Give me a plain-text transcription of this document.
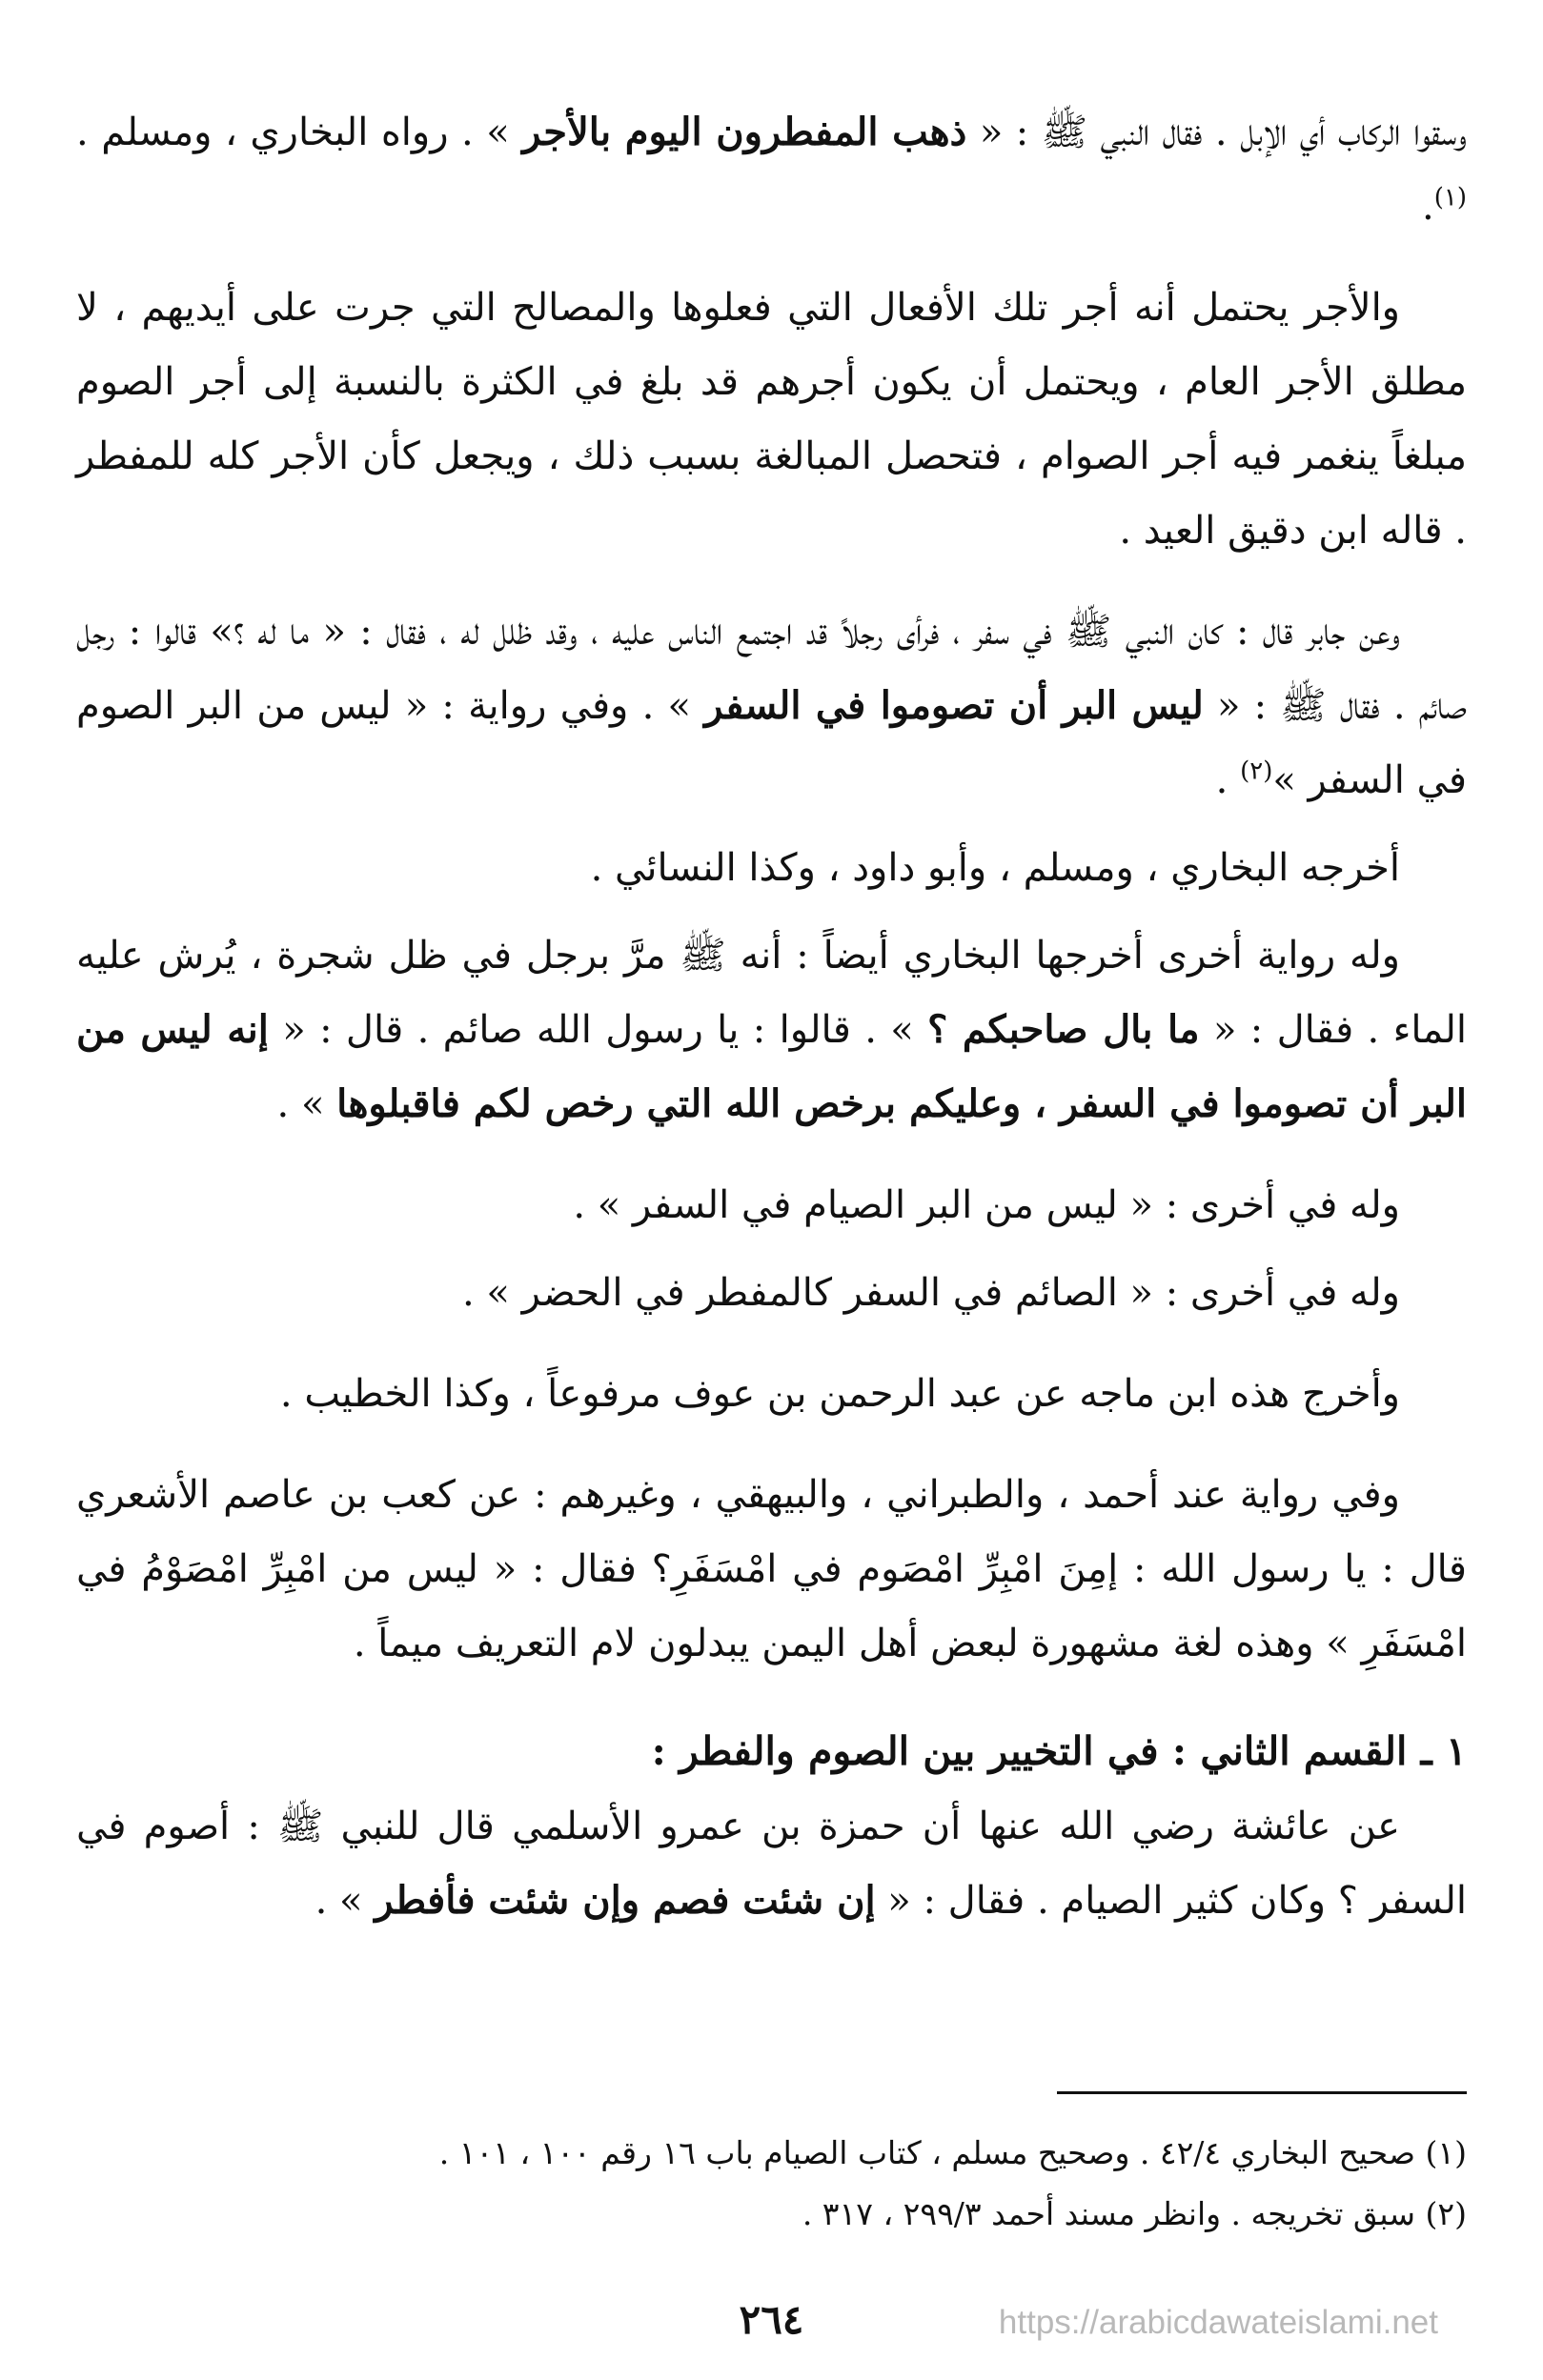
وسقوا الركاب أي الإبل . فقال النبي ﷺ : « ذهب المفطرون اليوم بالأجر » . رواه البخاري ، ومسلم .$^{(١)}$.

والأجر يحتمل أنه أجر تلك الأفعال التي فعلوها والمصالح التي جرت على أيديهم ، لا مطلق الأجر العام ، ويحتمل أن يكون أجرهم قد بلغ في الكثرة بالنسبة إلى أجر الصوم مبلغاً ينغمر فيه أجر الصوام ، فتحصل المبالغة بسبب ذلك ، ويجعل كأن الأجر كله للمفطر . قاله ابن دقيق العيد .

وعن جابر قال : كان النبي ﷺ في سفر ، فرأى رجلاً قد اجتمع الناس عليه ، وقد ظلل له ، فقال : « ما له ؟» قالوا : رجل صائم . فقال ﷺ : « ليس البر أن تصوموا في السفر » . وفي رواية : « ليس من البر الصوم في السفر »$^{(٢)}$ .

أخرجه البخاري ، ومسلم ، وأبو داود ، وكذا النسائي .

وله رواية أخرى أخرجها البخاري أيضاً : أنه ﷺ مرَّ برجل في ظل شجرة ، يُرش عليه الماء . فقال : « ما بال صاحبكم ؟ » . قالوا : يا رسول الله صائم . قال : « إنه ليس من البر أن تصوموا في السفر ، وعليكم برخص الله التي رخص لكم فاقبلوها » .

وله في أخرى : « ليس من البر الصيام في السفر » .

وله في أخرى : « الصائم في السفر كالمفطر في الحضر » .

وأخرج هذه ابن ماجه عن عبد الرحمن بن عوف مرفوعاً ، وكذا الخطيب .

وفي رواية عند أحمد ، والطبراني ، والبيهقي ، وغيرهم : عن كعب بن عاصم الأشعري قال : يا رسول الله : إمِنَ امْبِرِّ امْصَوم في امْسَفَرِ؟ فقال : « ليس من امْبِرِّ امْصَوْمُ في امْسَفَرِ » وهذه لغة مشهورة لبعض أهل اليمن يبدلون لام التعريف ميماً .

١ ـ القسم الثاني : في التخيير بين الصوم والفطر :

عن عائشة رضي الله عنها أن حمزة بن عمرو الأسلمي قال للنبي ﷺ : أصوم في السفر ؟ وكان كثير الصيام . فقال : « إن شئت فصم وإن شئت فأفطر » .

(١) صحيح البخاري ٤٢/٤ . وصحيح مسلم ، كتاب الصيام باب ١٦ رقم ١٠٠ ، ١٠١ .

(٢) سبق تخريجه . وانظر مسند أحمد ٢٩٩/٣ ، ٣١٧ .

٢٦٤	https://arabicdawateislami.net
